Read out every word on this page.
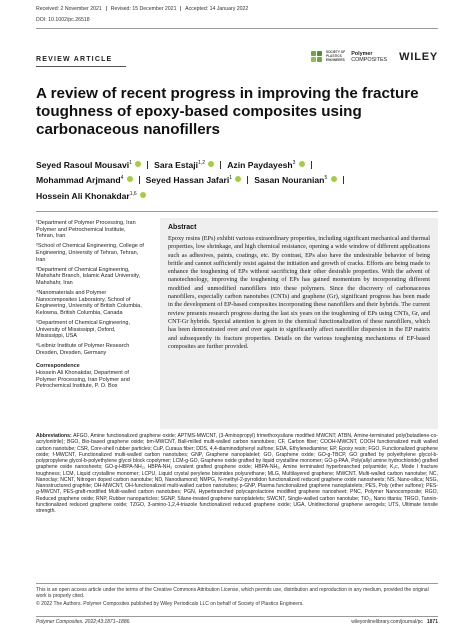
Received: 2 November 2021 Revised: 15 December 2021 Accepted: 14 January 2022
DOI: 10.1002/pc.26518
REVIEW ARTICLE
SOCIETY OF
PLASTICS
ENGINEERS
Polymer
COMPOSITES WILEY
A review of recent progress in improving the fracture toughness of epoxy-based composites using carbonaceous nanofillers
Seyed Rasoul Mousavi$^1$	Sara Estaji$^{1,2}$	Azin Paydayesh$^3$
Mohammad Arjmand$^4$	Seyed Hassan Jafari$^1$	Sasan Nouranian$^5$
Hossein Ali Khonakdar$^{1,6}$

¹Department of Polymer Processing, Iran Polymer and Petrochemical Institute, Tehran, Iran

²School of Chemical Engineering, College of Engineering, University of Tehran, Tehran, Iran

³Department of Chemical Engineering, Mahshahr Branch, Islamic Azad University, Mahshahr, Iran

⁴Nanomaterials and Polymer Nanocomposites Laboratory, School of Engineering, University of British Columbia, Kelowna, British Columbia, Canada

⁵Department of Chemical Engineering, University of Mississippi, Oxford, Mississippi, USA

⁶Leibniz Institute of Polymer Research Dresden, Dresden, Germany

Correspondence

Hossein Ali Khonakdar, Department of Polymer Processing, Iran Polymer and Petrochemical Institute, P. O. Box

Abstract

Epoxy resins (EPs) exhibit various extraordinary properties, including significant mechanical and thermal properties, low shrinkage, and high chemical resistance, opening a wide window of different applications such as adhesives, paints, coatings, etc. By contrast, EPs also have the undesirable behavior of being brittle and cannot sufficiently resist against the initiation and growth of cracks. Efforts are being made to enhance the toughening of EPs without sacrificing their other desirable properties. With the advent of nanotechnology, improving the toughening of EPs has gained momentum by incorporating different modified and unmodified nanofillers into these polymers. Since the discovery of carbonaceous nanofillers, especially carbon nanotubes (CNTs) and graphene (Gr), significant progress has been made in the development of EP-based composites incorporating these nanofillers and their hybrids. The current review presents research progress during the last six years on the toughening of EPs using CNTs, Gr, and CNT-Gr hybrids. Special attention is given to the chemical functionalization of these nanofillers, which has been demonstrated over and over again to significantly affect nanofiller dispersion in the EP matrix and subsequently its fracture properties. Details on the various toughening mechanisms of EP-based composites are further provided.

Abbreviations: AFGO, Amine functionalized graphene oxide; APTMS-MWCNT, (3-Aminopropyl) trimethoxysilane modified MWCNT; ATBN, Amine-terminated poly(butadiene-co-acrylonitrile); BGO, Bio-based graphene oxide; bm-MWCNT, Ball-milled multi-walled carbon nanotubes; CF, Carbon fiber; COOH-MWCNT, COOH functionalized multi walled carbon nanotube; CSR, Core-shell rubber particles; CuP, Curaua fiber; DDS, 4,4-diaminodiphenyl sulfone; EDA, Ethylenediamine; EP, Epoxy resin; FGO, Functionalized graphene oxide; f-MWCNT, Functionalized multi-walled carbon nanotubes; GNP, Graphene nanoplatelet; GO, Graphene oxide; GO-g-TBCP, GO grafted by polyethylene glycol-b-polypropylene glycol-b-polyethylene glycol block copolymer; LCM-g-GO, Graphene oxide grafted by liquid crystalline monomer; GO-g-PAA, Poly(allyl amine hydrochloride) grafted graphene oxide nanosheets; GO-g-HBPA-NH₂, HBPA-NH₂ covalent grafted graphene oxide; HBPA-NH₂, Amine terminated hyperbranched polyamide; K₁c, Mode I fracture toughness; LCM, Liquid crystalline monomer; LCPU, Liquid crystal perylene bisimides polyurethane; MLG, Multilayered graphene; MWCNT, Multi-walled carbon nanotube; NC, Nanoclay; NCNT, Nitrogen doped carbon nanotube; ND, Nanodiamond; NMPG, N-methyl-2-pyrrolidon functionalized reduced graphene oxide nanosheets; NS, Nano-silica; NSG, Nanostructured graphite; OH-MWCNT, OH-functionalized multi-walled carbon nanotubes; p-GNP, Plasma functionalized graphene nanoplatelets; PES, Poly (ether sulfone); PES-g-MWCNT, PES-graft-modified Multi-walled carbon nanotubes; PGN, Hyperbranched polycaprolactone modified graphene nanosheet; PNC, Polymer Nanocomposite; RGO, Reduced graphene oxide; RNP, Rubber nanoparticles; SGNP, Silane-treated graphene nanoplatelets; SWCNT, Single-walled carbon nanotube; TiO₂, Nano titania; TRGO, Tannin-functionalized reduced graphene oxide; TZGO, 3-amino-1,2,4-triazole functionalized reduced graphene oxide; UGA, Unidirectional graphene aerogels; UTS, Ultimate tensile strength.

This is an open access article under the terms of the Creative Commons Attribution License, which permits use, distribution and reproduction in any medium, provided the original work is properly cited.

© 2022 The Authors. Polymer Composites published by Wiley Periodicals LLC on behalf of Society of Plastics Engineers.

Polymer Composites. 2022;43:1871–1886.	wileyonlinelibrary.com/journal/pc 1871
